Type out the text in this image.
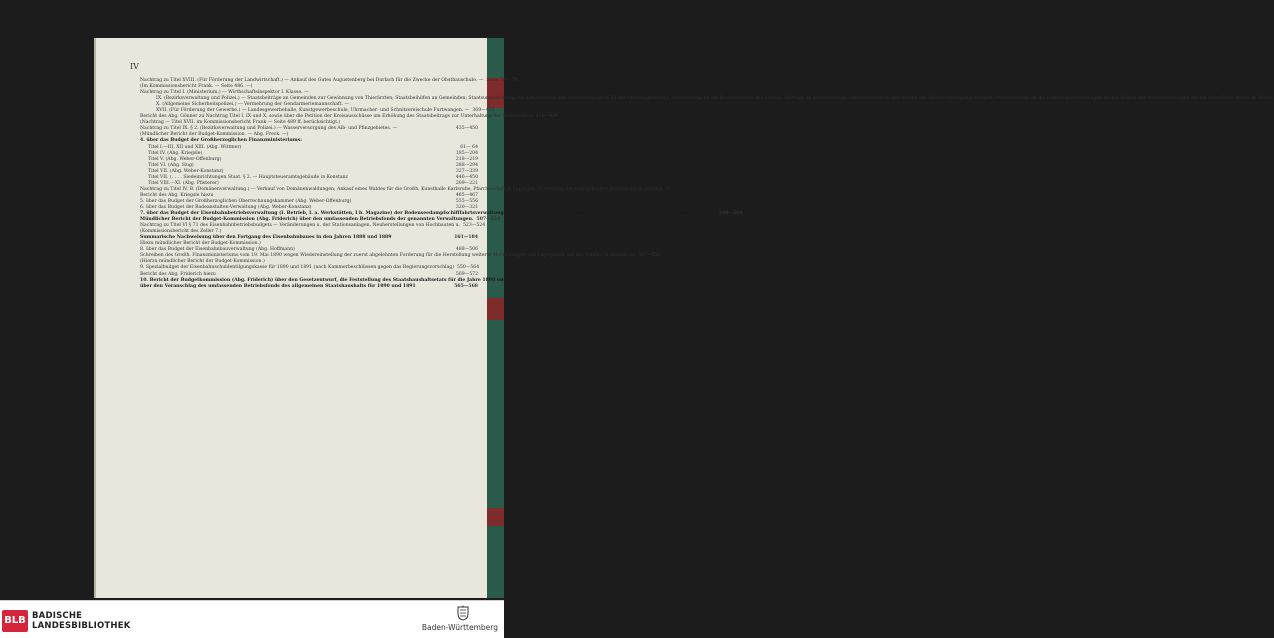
IV
Nachtrag zu Titel XVIII. (Für Förderung der Landwirtschaft.) — Ankauf des Gutes Augustenberg bei Durlach für die Zwecke der Obstbauschule. — Seite 76— 79
(Im Kommissionsbericht Frank. — Seite 486. —)
Nachtrag zu Titel I. (Ministerium.) — Wirthschaftsinspektor I. Klasse. —
IX. (Bezirksverwaltung und Polizei.) — Staatsbeiträge an Gemeinden zur Gewinnung von Thierärzten; Staatsbeihilfen an Gemeinden; Staatsunterstützung für Kreisstraßen und Gemeindewege (§ 22 des Straßengesetzes); Staatsbeitrag an die Kreisverbände des Landes; Beiträge an gemeinnützige Gesellschaften zu den Kosten der Wasserversorgungsanlagen; Staatszuschuß an die Gemeindeverwaltungen zu den Kosten der Naturalleistungen für die bewaffnete Macht in Zeiten;
X. (Allgemeine Sicherheitspolizei.) — Vermehrung der Gendarmeriemannschaft. —
XVII. (Für Förderung der Gewerbe.) — Landesgewerbehalle, Kunstgewerbeschule, Uhrmacher- und Schnitzereischule Furtwangen. — 369—429
Bericht des Abg. Gönner zu Nachtrag Titel I, IX und X, sowie über die Petition der Kreisausschüsse um Erhöhung des Staatsbeitrags zur Unterhaltung der Kreisstraßen 430—434
(Nachtrag — Titel XVII. im Kommissionsbericht Frank — Seite 489 ff. berücksichtigt.)
Nachtrag zu Titel IX. § 2. (Bezirksverwaltung und Polizei.) — Wasserversorgung des Alb- und Pfinzgebietes. —	435—450
(Mündlicher Bericht der Budget-Kommission. — Abg. Freck. —)
4. über das Budget der Großherzoglichen Finanzministeriums:
Titel I.—III, XII und XIII. (Abg. Wittmer)	61— 64
Titel IV. (Abg. Kriegsle)	185—204
Titel V. (Abg. Weber-Offenburg)	218—219
Titel VI. (Abg. Hug)	288—294
Titel VII. (Abg. Weber-Konstanz)	327—339
Titel VII. (. . . . Siedeinrichtungen Staat. § 2. — Hauptsteueramtsgebäude in Konstanz	446—450
Titel VIII.—XI. (Abg. Pfisterer)	209—221
Nachtrag zu Titel IV. B. (Domänenverwaltung.) — Verkauf von Domänenwaldungen; Ankauf eines Waldes für die Großh. Kunsthalle Karlsruhe, Pfarrhaushalt in Eppingen; Erwerbung der evangelischen Stadtkirche in Lörrach. —
Bericht des Abg. Kriegsle hiezu	465—467
5. über das Budget der Großherzoglichen Oberrechnungskammer (Abg. Weber-Offenburg)	555—556
6. über das Budget der Badeanstalten-Verwaltung (Abg. Weber-Konstanz)	320—321
7. über das Budget der Eisenbahnbetriebsverwaltung (I. Betrieb, I. a. Werkstätten, I b. Magazine) der Bodenseedampfschifffahrtsverwaltung und über den Antheil am Reinertrag der Main-Neckar-Eisenbahn (Abg. Wilckens) 290—298
Mündlicher Bericht der Budget-Kommission (Abg. Friderich) über den umfassenden Betriebsfonds der genannten Verwaltungen. 507—554
Nachtrag zu Titel VI § 71 des Eisenbahnbetriebsbudgets — Veränderungen u. der Stationsanlagen, Neuherstellungen von Hochbauten u. 523—524
(Kommissionsbericht des Zeller 7.)
Summarische Nachweisung über den Fortgang des Eisenbahnbaues in den Jahren 1888 und 1889	161—184
Hiezu mündlicher Bericht der Budget-Kommission.)
8. über das Budget der Eisenbahnbauverwaltung (Abg. Hoffmann)	488—506
Schreiben des Großh. Finanzministeriums vom 19. Mai 1890 wegen Wiedereinstellung der zuerst abgelehnten Forderung für die Herstellung weiterer Hafenanlagen und Lagerplätze auf der Mühlau in Mannheim 557—558
(Hierzu mündlicher Bericht der Budget-Kommission.)
9. Spezialbudget der Eisenbahnschuldentilgungskasse für 1890 und 1891 (nach Kammerbeschlüssen gegen das Regierungsvorschlag) 550—564
Bericht des Abg. Friderich hiezu	569—572
10. Bericht der Budgetkommission (Abg. Friderich) über den Gesetzentwurf, die Feststellung des Staatshaushaltsetats für die Jahre 1890 und 1891 betreffend, sowie
über den Voranschlag des umfassenden Betriebsfonds des allgemeinen Staatshaushalts für 1890 und 1891	565—568
BLB BADISCHE
LANDESBIBLIOTHEK	Baden-Württemberg
